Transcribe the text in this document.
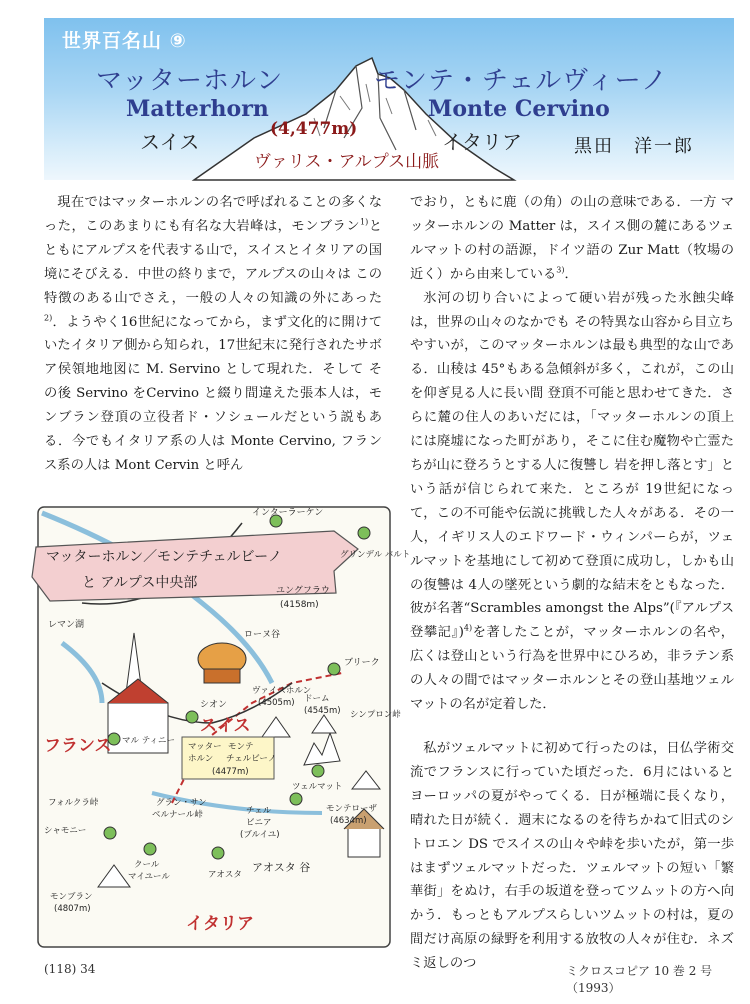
世界百名山 ⑨
マッターホルン
Matterhorn
モンテ・チェルヴィーノ
Monte Cervino
スイス	イタリア
(4,477m)
ヴァリス・アルプス山脈
黒田　洋一郎

現在ではマッターホルンの名で呼ばれることの多くなった，このあまりにも有名な大岩峰は，モンブラン$^{1)}$とともにアルプスを代表する山で，スイスとイタリアの国境にそびえる．中世の終りまで，アルプスの山々は この特徴のある山でさえ，一般の人々の知識の外にあった$^{2)}$．ようやく16世紀になってから，まず文化的に開けていたイタリア側から知られ，17世紀末に発行されたサボア侯領地地図に M. Servino として現れた．そして その後 Servino をCervino と綴り間違えた張本人は，モンブラン登頂の立役者ド・ソシュールだという説もある．今でもイタリア系の人は Monte Cervino, フランス系の人は Mont Cervin と呼ん

でおり，ともに鹿（の角）の山の意味である．一方 マッターホルンの Matter は，スイス側の麓にあるツェルマットの村の語源，ドイツ語の Zur Matt（牧場の近く）から由来している$^{3)}$．

氷河の切り合いによって硬い岩が残った氷蝕尖峰は，世界の山々のなかでも その特異な山容から目立ちやすいが，このマッターホルンは最も典型的な山である．山稜は 45°もある急傾斜が多く，これが，この山を仰ぎ見る人に長い間 登頂不可能と思わせてきた．さらに麓の住人のあいだには，「マッターホルンの頂上には廃墟になった町があり，そこに住む魔物や亡霊たちが山に登ろうとする人に復讐し 岩を押し落とす」という話が信じられて来た．ところが 19世紀になって，この不可能や伝説に挑戦した人々がある．その一人，イギリス人のエドワード・ウィンパーらが，ツェルマットを基地にして初めて登頂に成功し，しかも山の復讐は 4人の墜死という劇的な結末をともなった．彼が名著“Scrambles amongst the Alps”(『アルプス登攀記』)$^{4)}$を著したことが，マッターホルンの名や，広くは登山という行為を世界中にひろめ，非ラテン系の人々の間ではマッターホルンとその登山基地ツェルマットの名が定着した．

私がツェルマットに初めて行ったのは，日仏学術交流でフランスに行っていた頃だった．6月にはいるとヨーロッパの夏がやってくる．日が極端に長くなり，晴れた日が続く．週末になるのを待ちかねて旧式のシトロエン DS でスイスの山々や峠を歩いたが，第一歩はまずツェルマットだった．ツェルマットの短い「繁華街」をぬけ，右手の坂道を登ってツムットの方へ向かう．もっともアルプスらしいツムットの村は，夏の間だけ高原の緑野を利用する放牧の人々が住む．ネズミ返しのつ

マッターホルン／モンテチェルビーノ
と アルプス中央部
インターラーケン
グリンデル バルト
ユングフラウ
(4158m)
レマン湖
ローヌ谷
ブリーク
シオン
マル ティニー
ヴァイスホルン
(4505m) ドーム
(4545m) シンプロン峠
スイス
フランス
イタリア
マッター
ホルン
モンテ
チェルビーノ
(4477m)
ツェルマット
フォルクラ峠
シャモニー
グラン・サン
ベルナール峠	チェル
ビニア
(ブルイユ)
モンテローザ
(4634m)
モンブラン
(4807m)
クール
マイユール
アオスタ 谷
アオスタ
(118) 34	ミクロスコピア 10 巻 2 号（1993）
